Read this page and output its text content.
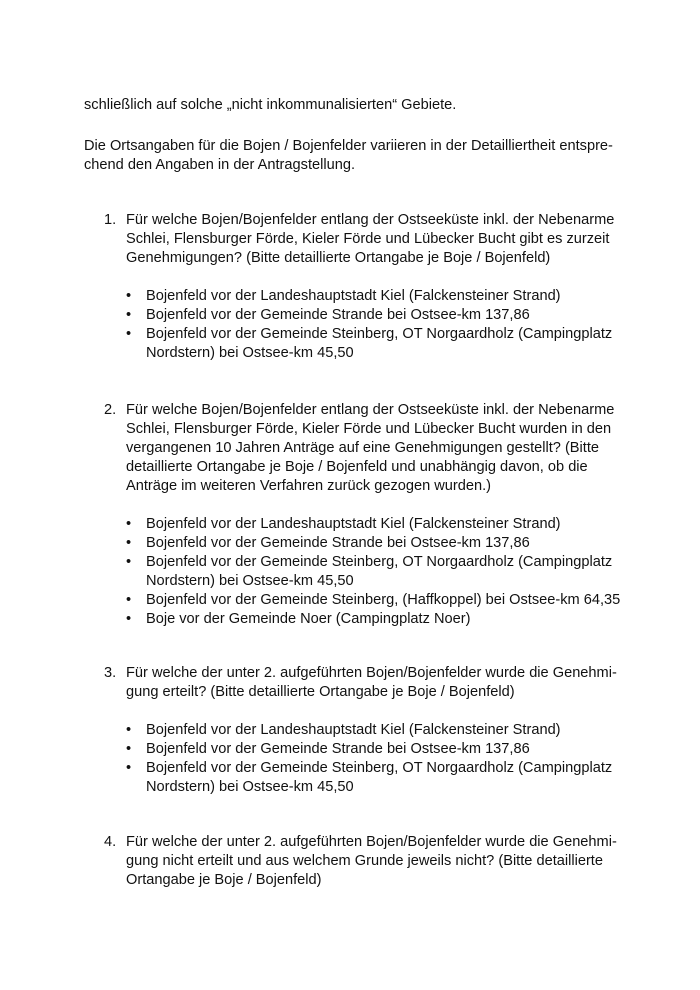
schließlich auf solche „nicht inkommunalisierten“ Gebiete.

Die Ortsangaben für die Bojen / Bojenfelder variieren in der Detailliertheit entsprechend den Angaben in der Antragstellung.

1. Für welche Bojen/Bojenfelder entlang der Ostseeküste inkl. der Nebenarme Schlei, Flensburger Förde, Kieler Förde und Lübecker Bucht gibt es zurzeit Genehmigungen? (Bitte detaillierte Ortangabe je Boje / Bojenfeld)

• Bojenfeld vor der Landeshauptstadt Kiel (Falckensteiner Strand)
• Bojenfeld vor der Gemeinde Strande bei Ostsee-km 137,86
• Bojenfeld vor der Gemeinde Steinberg, OT Norgaardholz (Campingplatz Nordstern) bei Ostsee-km 45,50
2. Für welche Bojen/Bojenfelder entlang der Ostseeküste inkl. der Nebenarme Schlei, Flensburger Förde, Kieler Förde und Lübecker Bucht wurden in den vergangenen 10 Jahren Anträge auf eine Genehmigungen gestellt? (Bitte detaillierte Ortangabe je Boje / Bojenfeld und unabhängig davon, ob die Anträge im weiteren Verfahren zurück gezogen wurden.)

• Bojenfeld vor der Landeshauptstadt Kiel (Falckensteiner Strand)
• Bojenfeld vor der Gemeinde Strande bei Ostsee-km 137,86
• Bojenfeld vor der Gemeinde Steinberg, OT Norgaardholz (Campingplatz Nordstern) bei Ostsee-km 45,50
• Bojenfeld vor der Gemeinde Steinberg, (Haffkoppel) bei Ostsee-km 64,35
• Boje vor der Gemeinde Noer (Campingplatz Noer)
3. Für welche der unter 2. aufgeführten Bojen/Bojenfelder wurde die Genehmigung erteilt? (Bitte detaillierte Ortangabe je Boje / Bojenfeld)

• Bojenfeld vor der Landeshauptstadt Kiel (Falckensteiner Strand)
• Bojenfeld vor der Gemeinde Strande bei Ostsee-km 137,86
• Bojenfeld vor der Gemeinde Steinberg, OT Norgaardholz (Campingplatz Nordstern) bei Ostsee-km 45,50
4. Für welche der unter 2. aufgeführten Bojen/Bojenfelder wurde die Genehmigung nicht erteilt und aus welchem Grunde jeweils nicht? (Bitte detaillierte Ortangabe je Boje / Bojenfeld)
